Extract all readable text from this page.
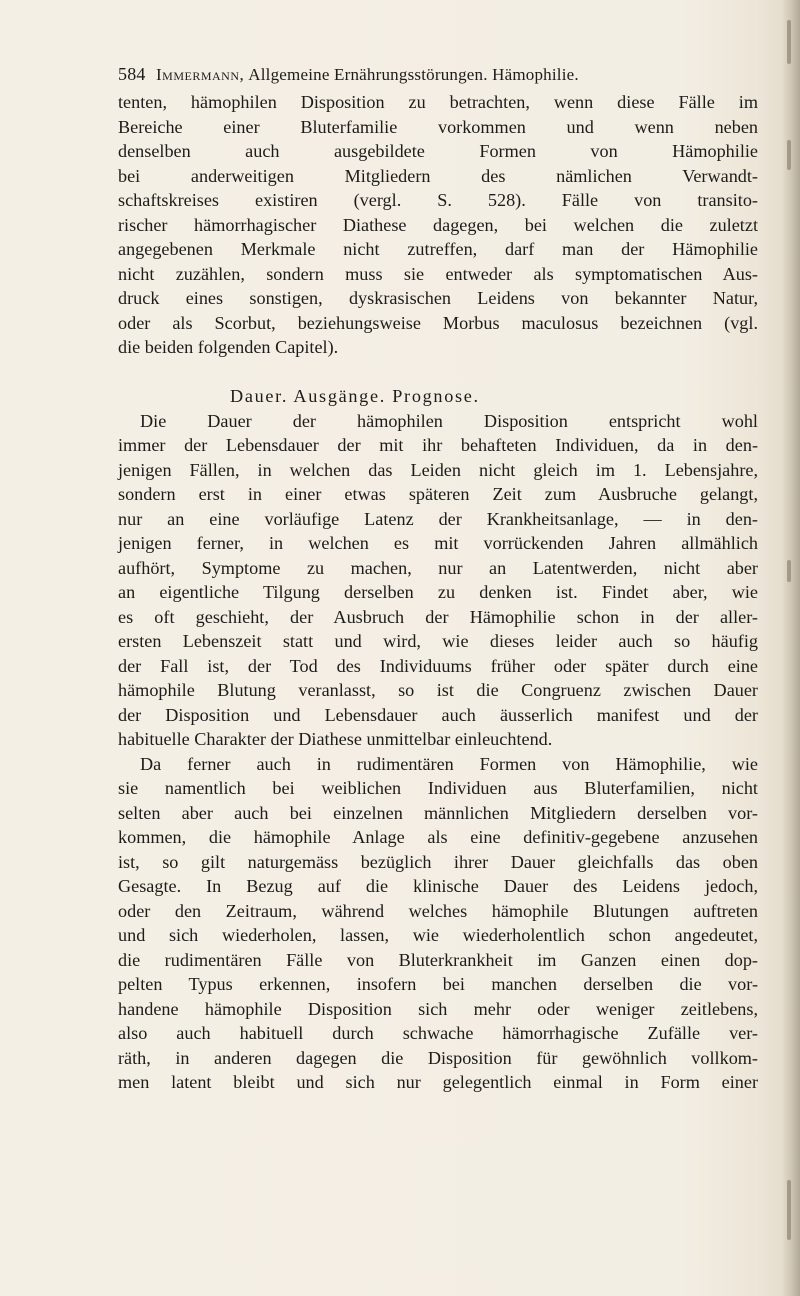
584 Immermann, Allgemeine Ernährungsstörungen. Hämophilie.
tenten, hämophilen Disposition zu betrachten, wenn diese Fälle im
Bereiche einer Bluterfamilie vorkommen und wenn neben
denselben auch ausgebildete Formen von Hämophilie
bei anderweitigen Mitgliedern des nämlichen Verwandt-
schaftskreises existiren (vergl. S. 528). Fälle von transito-
rischer hämorrhagischer Diathese dagegen, bei welchen die zuletzt
angegebenen Merkmale nicht zutreffen, darf man der Hämophilie
nicht zuzählen, sondern muss sie entweder als symptomatischen Aus-
druck eines sonstigen, dyskrasischen Leidens von bekannter Natur,
oder als Scorbut, beziehungsweise Morbus maculosus bezeichnen (vgl.
die beiden folgenden Capitel).
Dauer. Ausgänge. Prognose.
Die Dauer der hämophilen Disposition entspricht wohl
immer der Lebensdauer der mit ihr behafteten Individuen, da in den-
jenigen Fällen, in welchen das Leiden nicht gleich im 1. Lebensjahre,
sondern erst in einer etwas späteren Zeit zum Ausbruche gelangt,
nur an eine vorläufige Latenz der Krankheitsanlage, — in den-
jenigen ferner, in welchen es mit vorrückenden Jahren allmählich
aufhört, Symptome zu machen, nur an Latentwerden, nicht aber
an eigentliche Tilgung derselben zu denken ist. Findet aber, wie
es oft geschieht, der Ausbruch der Hämophilie schon in der aller-
ersten Lebenszeit statt und wird, wie dieses leider auch so häufig
der Fall ist, der Tod des Individuums früher oder später durch eine
hämophile Blutung veranlasst, so ist die Congruenz zwischen Dauer
der Disposition und Lebensdauer auch äusserlich manifest und der
habituelle Charakter der Diathese unmittelbar einleuchtend.
Da ferner auch in rudimentären Formen von Hämophilie, wie
sie namentlich bei weiblichen Individuen aus Bluterfamilien, nicht
selten aber auch bei einzelnen männlichen Mitgliedern derselben vor-
kommen, die hämophile Anlage als eine definitiv-gegebene anzusehen
ist, so gilt naturgemäss bezüglich ihrer Dauer gleichfalls das oben
Gesagte. In Bezug auf die klinische Dauer des Leidens jedoch,
oder den Zeitraum, während welches hämophile Blutungen auftreten
und sich wiederholen, lassen, wie wiederholentlich schon angedeutet,
die rudimentären Fälle von Bluterkrankheit im Ganzen einen dop-
pelten Typus erkennen, insofern bei manchen derselben die vor-
handene hämophile Disposition sich mehr oder weniger zeitlebens,
also auch habituell durch schwache hämorrhagische Zufälle ver-
räth, in anderen dagegen die Disposition für gewöhnlich vollkom-
men latent bleibt und sich nur gelegentlich einmal in Form einer
